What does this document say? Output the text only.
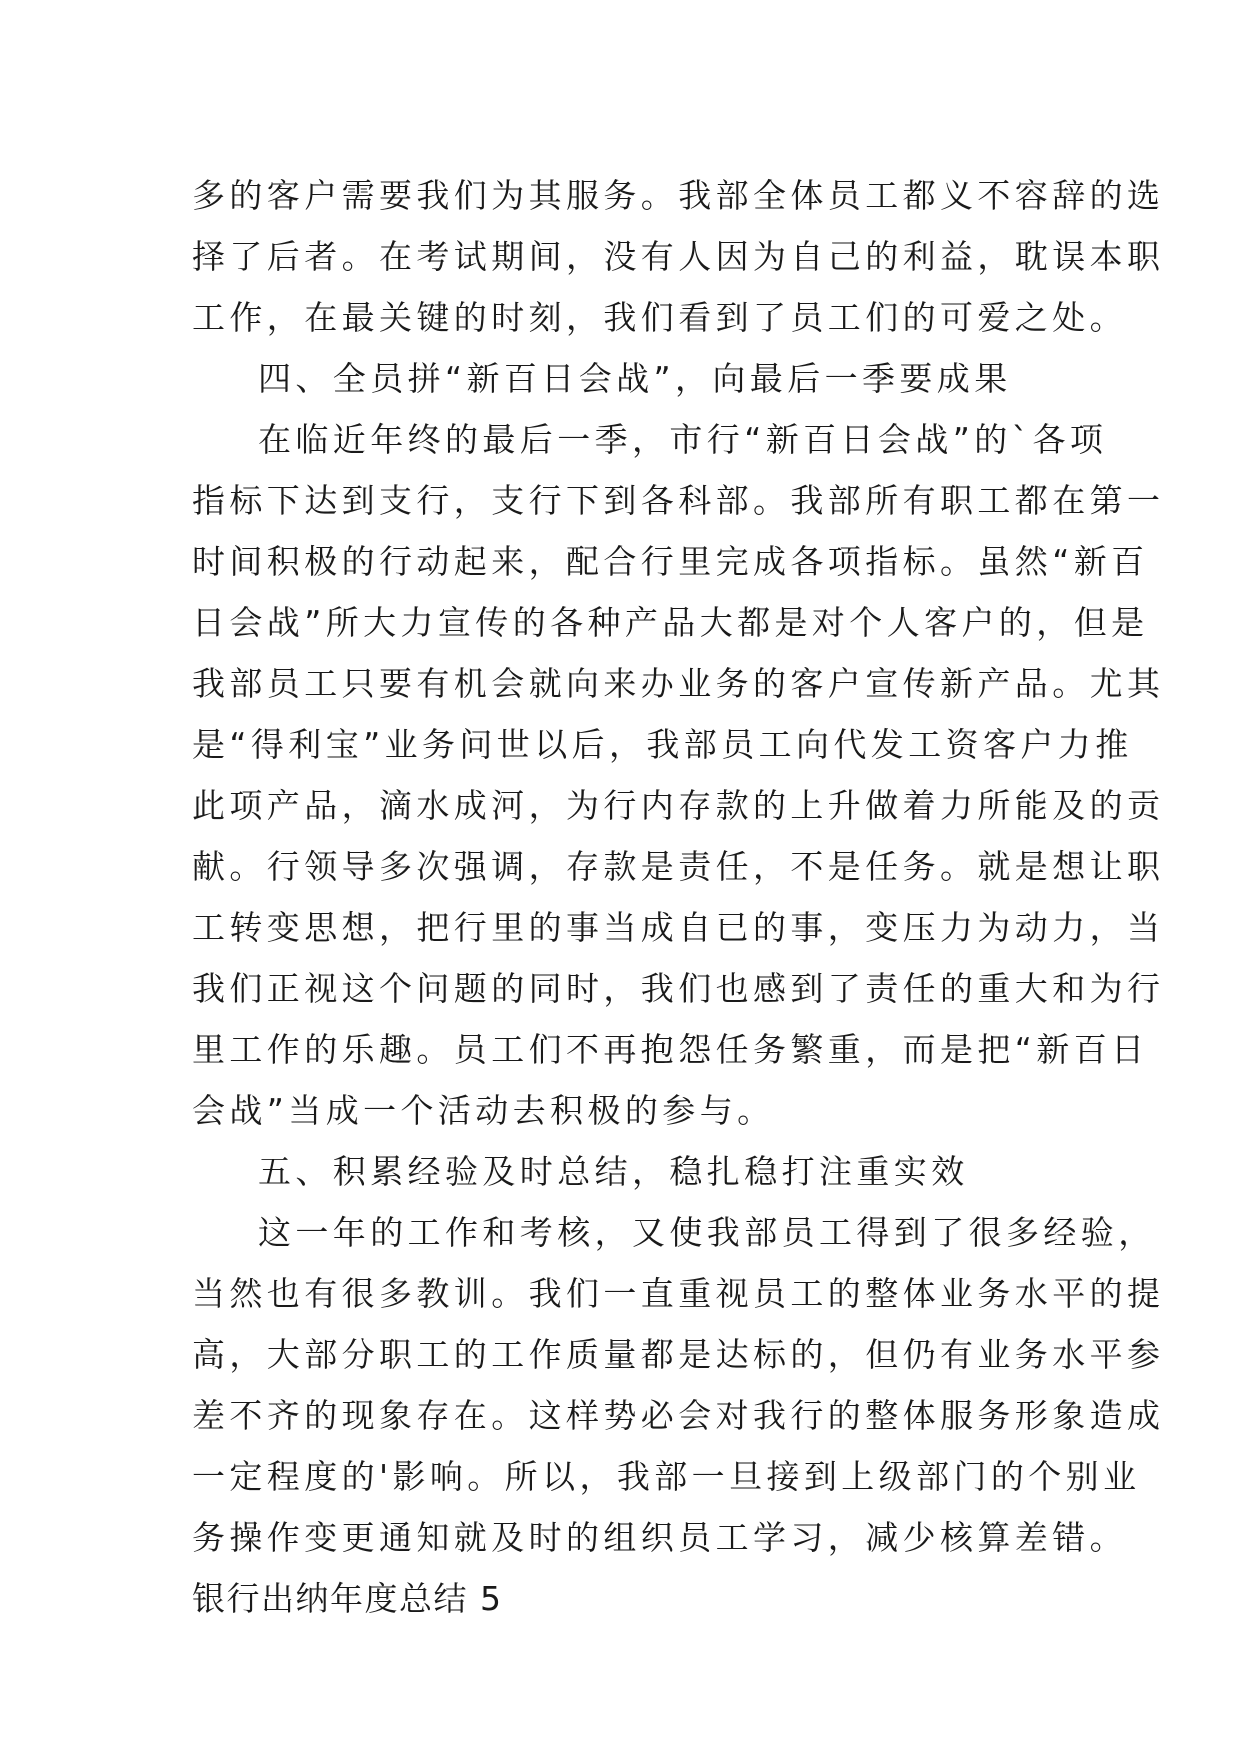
多的客户需要我们为其服务。我部全体员工都义不容辞的选
择了后者。在考试期间，没有人因为自己的利益，耽误本职
工作，在最关键的时刻，我们看到了员工们的可爱之处。
四、全员拼“新百日会战”，向最后一季要成果
在临近年终的最后一季，市行“新百日会战”的`各项
指标下达到支行，支行下到各科部。我部所有职工都在第一
时间积极的行动起来，配合行里完成各项指标。虽然“新百
日会战”所大力宣传的各种产品大都是对个人客户的，但是
我部员工只要有机会就向来办业务的客户宣传新产品。尤其
是“得利宝”业务问世以后，我部员工向代发工资客户力推
此项产品，滴水成河，为行内存款的上升做着力所能及的贡
献。行领导多次强调，存款是责任，不是任务。就是想让职
工转变思想，把行里的事当成自已的事，变压力为动力，当
我们正视这个问题的同时，我们也感到了责任的重大和为行
里工作的乐趣。员工们不再抱怨任务繁重，而是把“新百日
会战”当成一个活动去积极的参与。
五、积累经验及时总结，稳扎稳打注重实效
这一年的工作和考核，又使我部员工得到了很多经验，
当然也有很多教训。我们一直重视员工的整体业务水平的提
高，大部分职工的工作质量都是达标的，但仍有业务水平参
差不齐的现象存在。这样势必会对我行的整体服务形象造成
一定程度的'影响。所以，我部一旦接到上级部门的个别业
务操作变更通知就及时的组织员工学习，减少核算差错。
银行出纳年度总结 5
